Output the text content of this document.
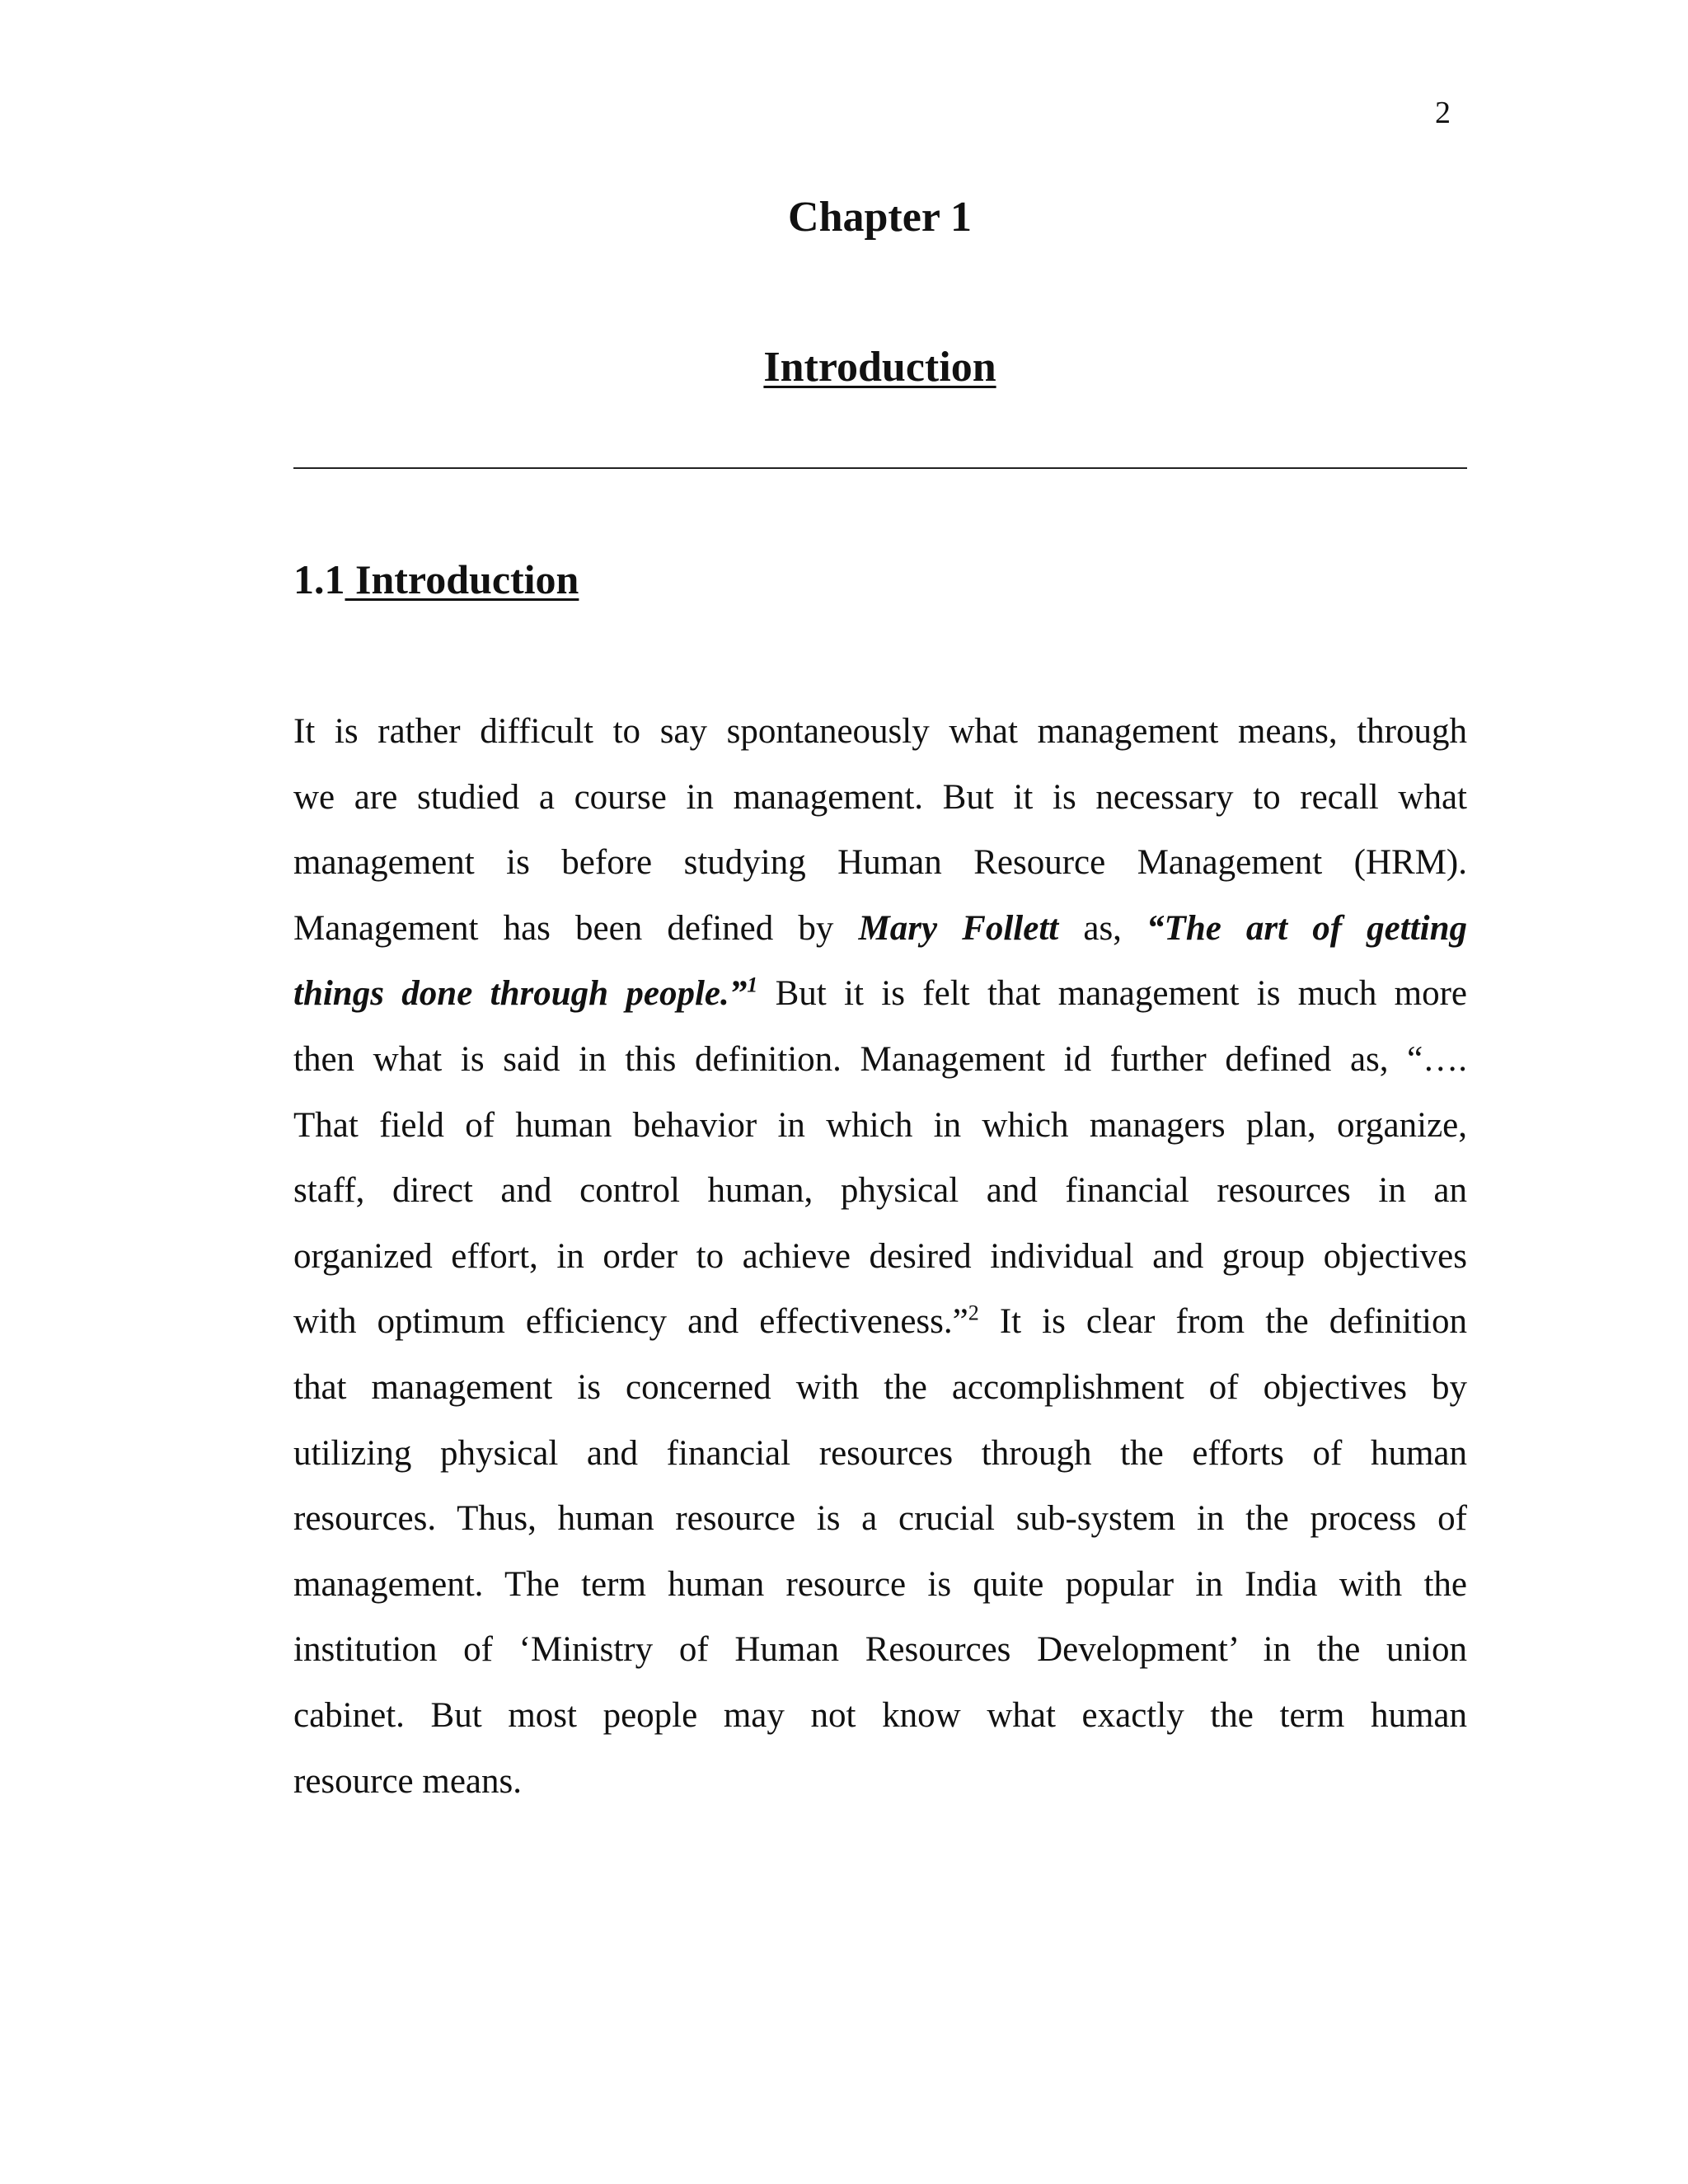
2
Chapter 1
Introduction
1.1 Introduction
It is rather difficult to say spontaneously what management means, through
we are studied a course in management. But it is necessary to recall what
management is before studying Human Resource Management (HRM).
Management has been defined by Mary Follett as, “The art of getting
things done through people.”$^1$ But it is felt that management is much more
then what is said in this definition. Management id further defined as, “….
That field of human behavior in which in which managers plan, organize,
staff, direct and control human, physical and financial resources in an
organized effort, in order to achieve desired individual and group objectives
with optimum efficiency and effectiveness.”$^2$ It is clear from the definition
that management is concerned with the accomplishment of objectives by
utilizing physical and financial resources through the efforts of human
resources. Thus, human resource is a crucial sub-system in the process of
management. The term human resource is quite popular in India with the
institution of ‘Ministry of Human Resources Development’ in the union
cabinet. But most people may not know what exactly the term human
resource means.
